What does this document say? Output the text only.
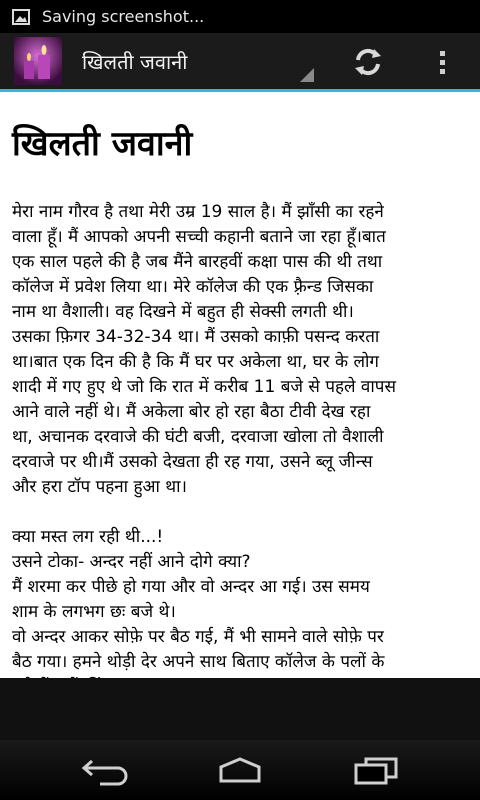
Saving screenshot...
खिलती जवानी
खिलती जवानी

मेरा नाम गौरव है तथा मेरी उम्र 19 साल है। मैं झाँसी का रहने
वाला हूँ। मैं आपको अपनी सच्ची कहानी बताने जा रहा हूँ।बात
एक साल पहले की है जब मैंने बारहवीं कक्षा पास की थी तथा
कॉलेज में प्रवेश लिया था। मेरे कॉलेज की एक फ़्रैन्ड जिसका
नाम था वैशाली। वह दिखने में बहुत ही सेक्सी लगती थी।
उसका फ़िगर 34-32-34 था। मैं उसको काफ़ी पसन्द करता
था।बात एक दिन की है कि मैं घर पर अकेला था, घर के लोग
शादी में गए हुए थे जो कि रात में करीब 11 बजे से पहले वापस
आने वाले नहीं थे। मैं अकेला बोर हो रहा बैठा टीवी देख रहा
था, अचानक दरवाजे की घंटी बजी, दरवाजा खोला तो वैशाली
दरवाजे पर थी।मैं उसको देखता ही रह गया, उसने ब्लू जीन्स
और हरा टॉप पहना हुआ था।

क्या मस्त लग रही थी...!
उसने टोका- अन्दर नहीं आने दोगे क्या?
मैं शरमा कर पीछे हो गया और वो अन्दर आ गई। उस समय
शाम के लगभग छः बजे थे।
वो अन्दर आकर सोफ़े पर बैठ गई, मैं भी सामने वाले सोफ़े पर
बैठ गया। हमने थोड़ी देर अपने साथ बिताए कॉलेज के पलों के
